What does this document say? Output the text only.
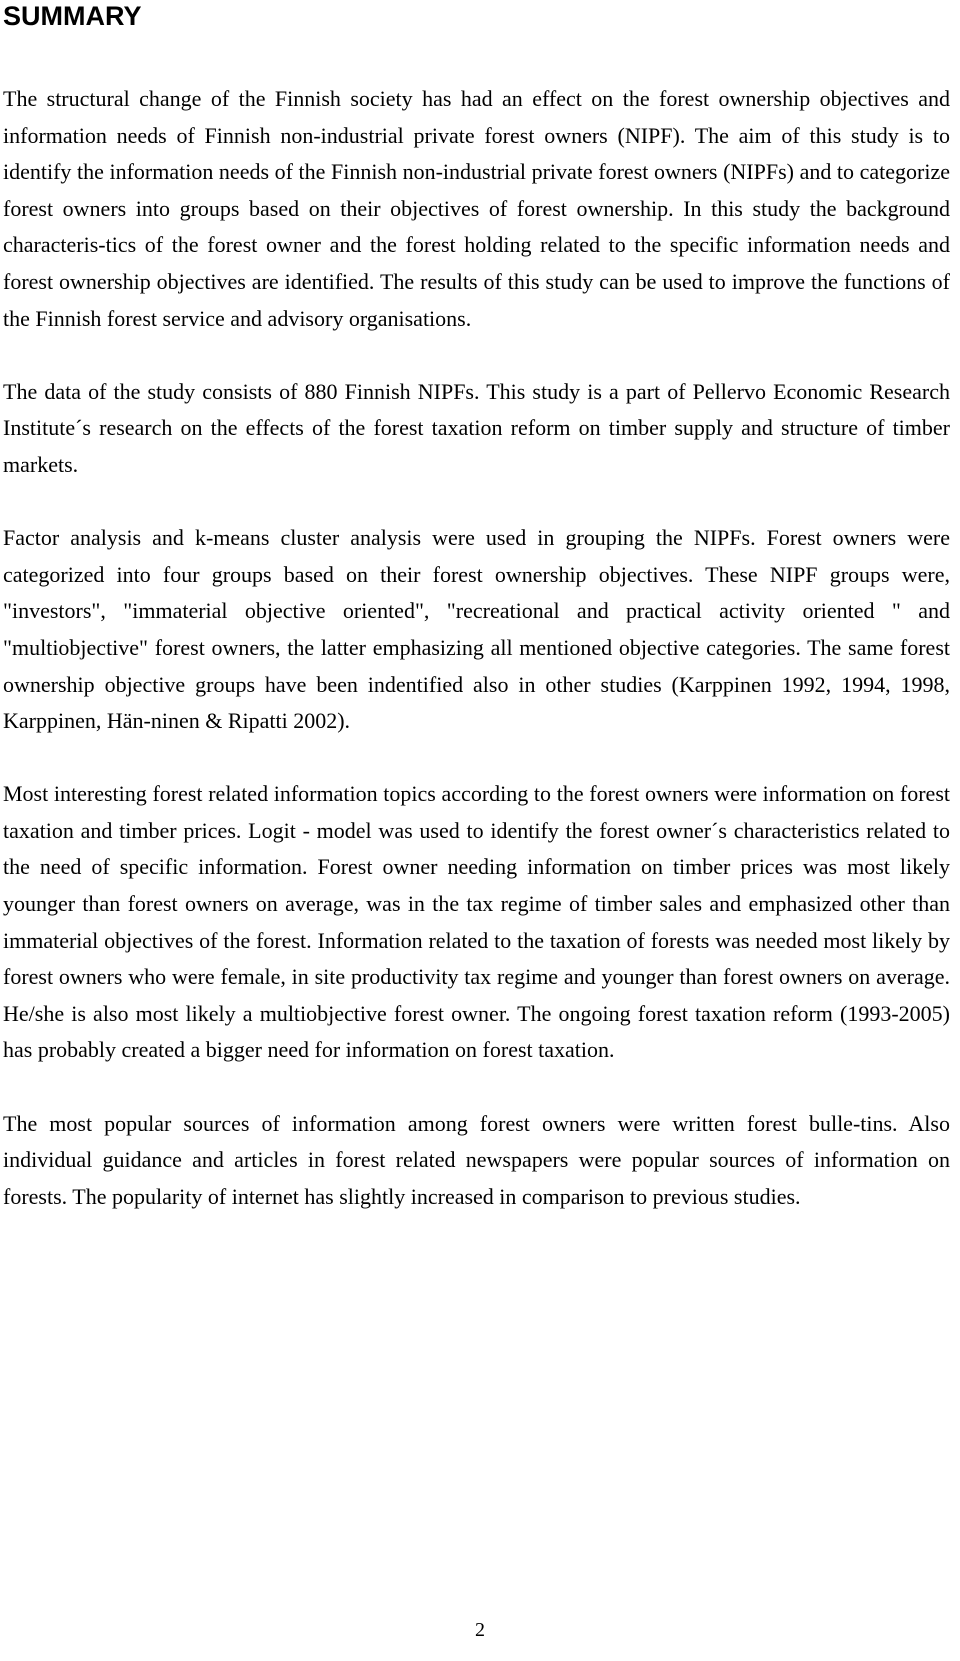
SUMMARY

The structural change of the Finnish society has had an effect on the forest ownership objectives and information needs of Finnish non-industrial private forest owners (NIPF). The aim of this study is to identify the information needs of the Finnish non-industrial private forest owners (NIPFs) and to categorize forest owners into groups based on their objectives of forest ownership. In this study the background characteris-tics of the forest owner and the forest holding related to the specific information needs and forest ownership objectives are identified. The results of this study can be used to improve the functions of the Finnish forest service and advisory organisations.

The data of the study consists of 880 Finnish NIPFs. This study is a part of Pellervo Economic Research Institute´s research on the effects of the forest taxation reform on timber supply and structure of timber markets.

Factor analysis and k-means cluster analysis were used in grouping the NIPFs. Forest owners were categorized into four groups based on their forest ownership objectives. These NIPF groups were, "investors", "immaterial objective oriented", "recreational and practical activity oriented " and "multiobjective" forest owners, the latter emphasizing all mentioned objective categories. The same forest ownership objective groups have been indentified also in other studies (Karppinen 1992, 1994, 1998, Karppinen, Hän-ninen & Ripatti 2002).

Most interesting forest related information topics according to the forest owners were information on forest taxation and timber prices. Logit - model was used to identify the forest owner´s characteristics related to the need of specific information. Forest owner needing information on timber prices was most likely younger than forest owners on average, was in the tax regime of timber sales and emphasized other than immaterial objectives of the forest. Information related to the taxation of forests was needed most likely by forest owners who were female, in site productivity tax regime and younger than forest owners on average. He/she is also most likely a multiobjective forest owner. The ongoing forest taxation reform (1993-2005) has probably created a bigger need for information on forest taxation.

The most popular sources of information among forest owners were written forest bulle-tins. Also individual guidance and articles in forest related newspapers were popular sources of information on forests. The popularity of internet has slightly increased in comparison to previous studies.

2
